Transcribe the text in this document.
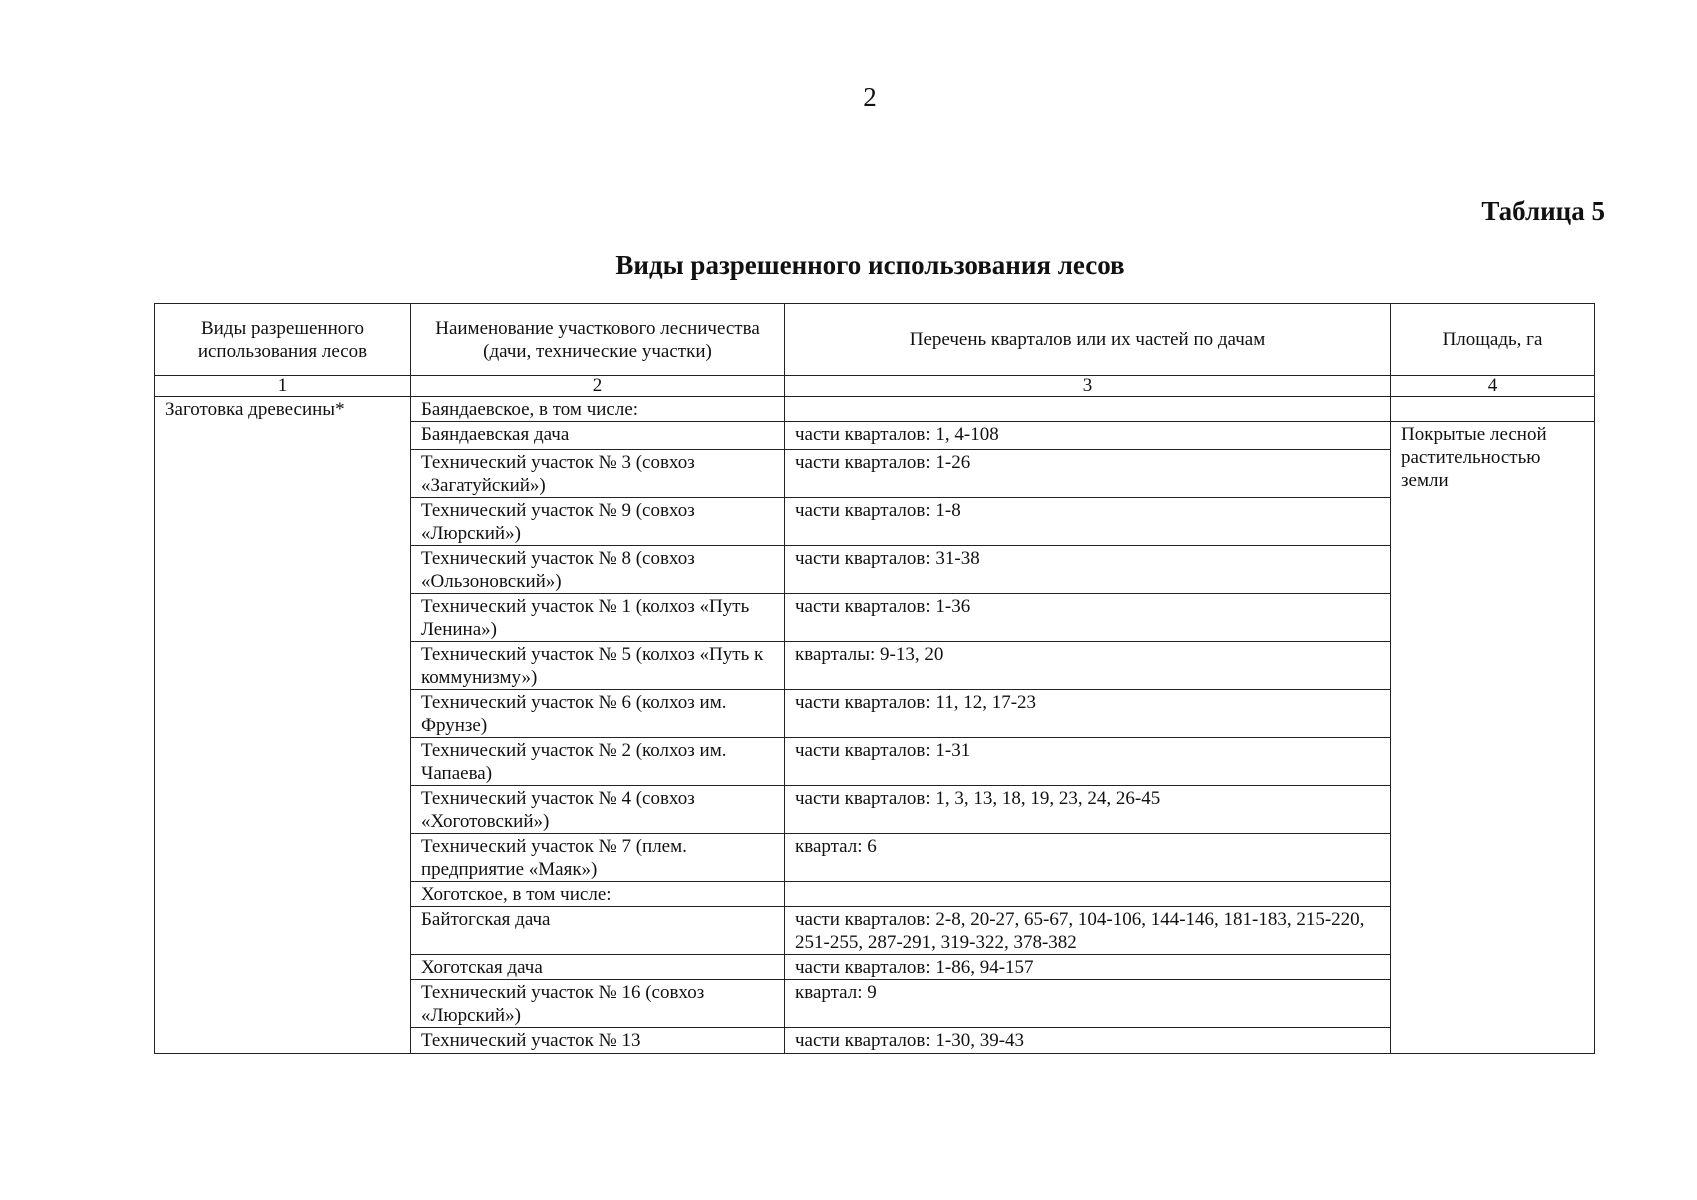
2
Таблица 5
Виды разрешенного использования лесов
Виды разрешенного использования лесов	Наименование участкового лесничества (дачи, технические участки)	Перечень кварталов или их частей по дачам	Площадь, га
1	2	3	4
Заготовка древесины*	Баяндаевское, в том числе:		
	Баяндаевская дача	части кварталов: 1, 4-108	Покрытые лесной растительностью земли
	Технический участок № 3 (совхоз «Загатуйский»)	части кварталов: 1-26	
	Технический участок № 9 (совхоз «Люрский»)	части кварталов: 1-8	
	Технический участок № 8 (совхоз «Ользоновский»)	части кварталов: 31-38	
	Технический участок № 1 (колхоз «Путь Ленина»)	части кварталов: 1-36	
	Технический участок № 5 (колхоз «Путь к коммунизму»)	кварталы: 9-13, 20	
	Технический участок № 6 (колхоз им. Фрунзе)	части кварталов: 11, 12, 17-23	
	Технический участок № 2 (колхоз им. Чапаева)	части кварталов: 1-31	
	Технический участок № 4 (совхоз «Хоготовский»)	части кварталов: 1, 3, 13, 18, 19, 23, 24, 26-45	
	Технический участок № 7 (плем. предприятие «Маяк»)	квартал: 6	
	Хоготское, в том числе:		
	Байтогская дача	части кварталов: 2-8, 20-27, 65-67, 104-106, 144-146, 181-183, 215-220, 251-255, 287-291, 319-322, 378-382	
	Хоготская дача	части кварталов: 1-86, 94-157	
	Технический участок № 16 (совхоз «Люрский»)	квартал: 9	
	Технический участок № 13	части кварталов: 1-30, 39-43	
